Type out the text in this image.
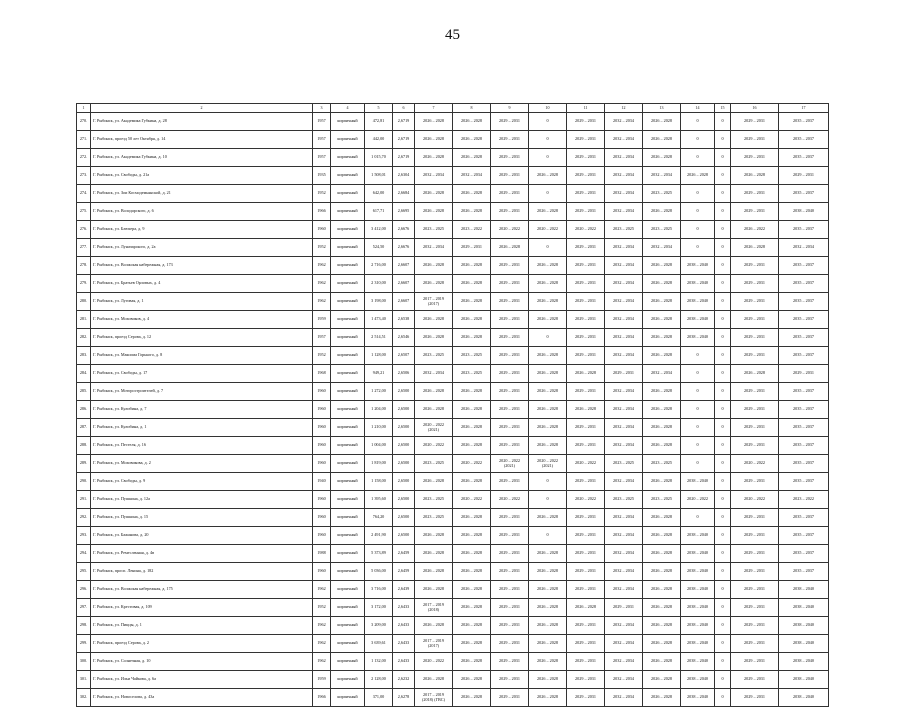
45
1	2	3	4	5	6	7	8	9	10	11	12	13	14	15	16	17
270.	Г. Рыбинск, ул. Академика Губкина, д. 28	1957	кирпичный	472,81	2,6719	2026 – 2028	2026 – 2028	2029 – 2031	0	2029 – 2031	2032 – 2034	2026 – 2028	0	0	2029 – 2031	2035 – 2037
271.	Г. Рыбинск, проезд 50 лет Октября, д. 14	1957	кирпичный	442,00	2,6719	2026 – 2028	2026 – 2028	2029 – 2031	0	2029 – 2031	2032 – 2034	2026 – 2028	0	0	2029 – 2031	2035 – 2037
272.	Г. Рыбинск, ул. Академика Губкина, д. 10	1957	кирпичный	1 015,70	2,6719	2026 – 2028	2026 – 2028	2029 – 2031	0	2029 – 2031	2032 – 2034	2026 – 2028	0	0	2029 – 2031	2035 – 2037
273.	Г. Рыбинск, ул. Свободы, д. 21а	1935	кирпичный	1 508,01	2,6304	2032 – 2034	2032 – 2034	2029 – 2031	2026 – 2028	2029 – 2031	2032 – 2034	2032 – 2034	2026 – 2028	0	2026 – 2028	2029 – 2031
274.	Г. Рыбинск, ул. Зои Космодемьянской, д. 21	1952	кирпичный	642,00	2,6684	2026 – 2028	2026 – 2028	2029 – 2031	0	2029 – 2031	2032 – 2034	2023 – 2025	0	0	2029 – 2031	2035 – 2037
275.	Г. Рыбинск, ул. Володарского, д. 6	1966	кирпичный	617,71	2,6695	2026 – 2028	2026 – 2028	2029 – 2031	2026 – 2028	2029 – 2031	2032 – 2034	2026 – 2028	0	0	2029 – 2031	2038 – 2040
276.	Г. Рыбинск, ул. Блюхера, д. 9	1960	кирпичный	3 412,00	2,6676	2023 – 2025	2023 – 2022	2020 – 2022	2020 – 2022	2020 – 2022	2023 – 2025	2023 – 2025	0	0	2026 – 2022	2035 – 2037
277.	Г. Рыбинск, ул. Луначарского, д. 2а	1952	кирпичный	524,50	2,6676	2032 – 2034	2029 – 2031	2026 – 2028	0	2029 – 2031	2032 – 2034	2032 – 2034	0	0	2026 – 2028	2032 – 2034
278.	Г. Рыбинск, ул. Волжская набережная, д. 173	1962	кирпичный	2 716,00	2,6607	2026 – 2028	2026 – 2028	2029 – 2031	2026 – 2028	2029 – 2031	2032 – 2034	2026 – 2028	2038 – 2040	0	2029 – 2031	2035 – 2037
279.	Г. Рыбинск, ул. Братьев Орловых, д. 4	1962	кирпичный	2 310,00	2,6607	2026 – 2028	2026 – 2028	2029 – 2031	2026 – 2028	2029 – 2031	2032 – 2034	2026 – 2028	2038 – 2040	0	2029 – 2031	2035 – 2037
280.	Г. Рыбинск, ул. Луговая, д. 1	1962	кирпичный	3 198,00	2,6607	2017 – 2019 (2017)	2026 – 2028	2029 – 2031	2026 – 2028	2029 – 2031	2032 – 2034	2026 – 2028	2038 – 2040	0	2029 – 2031	2035 – 2037
281.	Г. Рыбинск, ул. Моховиков, д. 4	1959	кирпичный	1 473,40	2,6538	2026 – 2028	2026 – 2028	2029 – 2031	2026 – 2028	2029 – 2031	2032 – 2034	2026 – 2028	2038 – 2040	0	2029 – 2031	2035 – 2037
282.	Г. Рыбинск, проезд Серова, д. 12	1957	кирпичный	2 514,51	2,6546	2026 – 2028	2026 – 2028	2029 – 2031	0	2029 – 2031	2032 – 2034	2026 – 2028	2038 – 2040	0	2029 – 2031	2035 – 2037
283.	Г. Рыбинск, ул. Максима Горького, д. 8	1952	кирпичный	1 128,00	2,6507	2023 – 2025	2023 – 2025	2029 – 2031	2026 – 2028	2029 – 2031	2032 – 2034	2026 – 2028	0	0	2029 – 2031	2035 – 2037
284.	Г. Рыбинск, ул. Свободы, д. 17	1968	кирпичный	949,21	2,6506	2032 – 2034	2023 – 2025	2029 – 2031	2026 – 2028	2026 – 2028	2029 – 2031	2032 – 2034	0	0	2026 – 2028	2029 – 2031
285.	Г. Рыбинск, ул. Моторостроителей, д. 7	1960	кирпичный	1 272,00	2,6500	2026 – 2028	2026 – 2028	2029 – 2031	2026 – 2028	2029 – 2031	2032 – 2034	2026 – 2028	0	0	2029 – 2031	2035 – 2037
286.	Г. Рыбинск, ул. Кулибина, д. 7	1960	кирпичный	1 204,00	2,6500	2026 – 2028	2026 – 2028	2029 – 2031	2026 – 2028	2026 – 2028	2032 – 2034	2026 – 2028	0	0	2029 – 2031	2035 – 2037
287.	Г. Рыбинск, ул. Кулибина, д. 1	1960	кирпичный	1 210,00	2,6500	2020 – 2022 (2021)	2026 – 2028	2029 – 2031	2026 – 2028	2029 – 2031	2032 – 2034	2026 – 2028	0	0	2029 – 2031	2035 – 2037
288.	Г. Рыбинск, ул. Пестеля, д. 16	1960	кирпичный	1 004,00	2,6500	2020 – 2022	2026 – 2028	2029 – 2031	2026 – 2028	2029 – 2031	2032 – 2034	2026 – 2028	0	0	2029 – 2031	2035 – 2037
289.	Г. Рыбинск, ул. Моховикова, д. 2	1960	кирпичный	1 819,00	2,6500	2023 – 2025	2020 – 2022	2020 – 2022 (2021)	2020 – 2022 (2021)	2020 – 2022	2023 – 2025	2023 – 2025	0	0	2020 – 2022	2035 – 2037
290.	Г. Рыбинск, ул. Свободы, д. 9	1940	кирпичный	1 158,00	2,6500	2026 – 2028	2026 – 2028	2029 – 2031	0	2029 – 2031	2032 – 2034	2026 – 2028	2038 – 2040	0	2029 – 2031	2035 – 2037
291.	Г. Рыбинск, ул. Пушкина, д. 12а	1960	кирпичный	1 395,60	2,6500	2023 – 2025	2020 – 2022	2020 – 2022	0	2020 – 2022	2023 – 2025	2023 – 2025	2020 – 2022	0	2020 – 2022	2023 – 2022
292.	Г. Рыбинск, ул. Пушкина, д. 15	1960	кирпичный	764,20	2,6500	2023 – 2025	2026 – 2028	2029 – 2031	2026 – 2028	2029 – 2031	2032 – 2034	2026 – 2028	0	0	2029 – 2031	2035 – 2037
293.	Г. Рыбинск, ул. Бажанова, д. 20	1960	кирпичный	2 491,90	2,6500	2026 – 2028	2026 – 2028	2029 – 2031	0	2029 – 2031	2032 – 2034	2026 – 2028	2038 – 2040	0	2029 – 2031	2035 – 2037
294.	Г. Рыбинск, ул. Ремесленная, д. 4в	1988	кирпичный	5 373,89	2,6459	2026 – 2028	2026 – 2028	2029 – 2031	2026 – 2028	2029 – 2031	2032 – 2034	2026 – 2028	2038 – 2040	0	2029 – 2031	2035 – 2037
295.	Г. Рыбинск, просп. Ленина, д. 182	1960	кирпичный	5 036,00	2,6459	2026 – 2028	2026 – 2028	2029 – 2031	2026 – 2028	2029 – 2031	2032 – 2034	2026 – 2028	2038 – 2040	0	2029 – 2031	2035 – 2037
296.	Г. Рыбинск, ул. Волжская набережная, д. 175	1962	кирпичный	3 716,00	2,6439	2026 – 2028	2026 – 2028	2029 – 2031	2026 – 2028	2029 – 2031	2032 – 2034	2026 – 2028	2038 – 2040	0	2029 – 2031	2038 – 2040
297.	Г. Рыбинск, ул. Крестовая, д. 109	1952	кирпичный	3 172,00	2,6433	2017 – 2019 (2018)	2026 – 2028	2029 – 2031	2026 – 2028	2026 – 2028	2029 – 2031	2026 – 2028	2038 – 2040	0	2029 – 2031	2038 – 2040
298.	Г. Рыбинск, ул. Пиццы, д. 1	1962	кирпичный	3 209,00	2,6433	2026 – 2028	2026 – 2028	2029 – 2031	2026 – 2028	2029 – 2031	2032 – 2034	2026 – 2028	2038 – 2040	0	2029 – 2031	2038 – 2040
299.	Г. Рыбинск, проезд Серова, д. 2	1962	кирпичный	3 639,61	2,6433	2017 – 2019 (2017)	2026 – 2028	2029 – 2031	2026 – 2028	2029 – 2031	2032 – 2034	2026 – 2028	2038 – 2040	0	2029 – 2031	2038 – 2040
300.	Г. Рыбинск, ул. Солнечная, д. 10	1962	кирпичный	1 132,00	2,6433	2020 – 2022	2026 – 2028	2029 – 2031	2026 – 2028	2029 – 2031	2032 – 2034	2026 – 2028	2038 – 2040	0	2029 – 2031	2038 – 2040
301.	Г. Рыбинск, ул. Ильи Чайкова, д. 6а	1959	кирпичный	2 128,00	2,6232	2026 – 2028	2026 – 2028	2029 – 2031	2026 – 2028	2029 – 2031	2032 – 2034	2026 – 2028	2038 – 2040	0	2029 – 2031	2038 – 2040
302.	Г. Рыбинск, ул. Новоселова, д. 43а	1966	кирпичный	371,00	2,6278	2017 – 2019 (2018) (ГВС)	2026 – 2028	2029 – 2031	2026 – 2028	2029 – 2031	2032 – 2034	2026 – 2028	2038 – 2040	0	2029 – 2031	2038 – 2040
